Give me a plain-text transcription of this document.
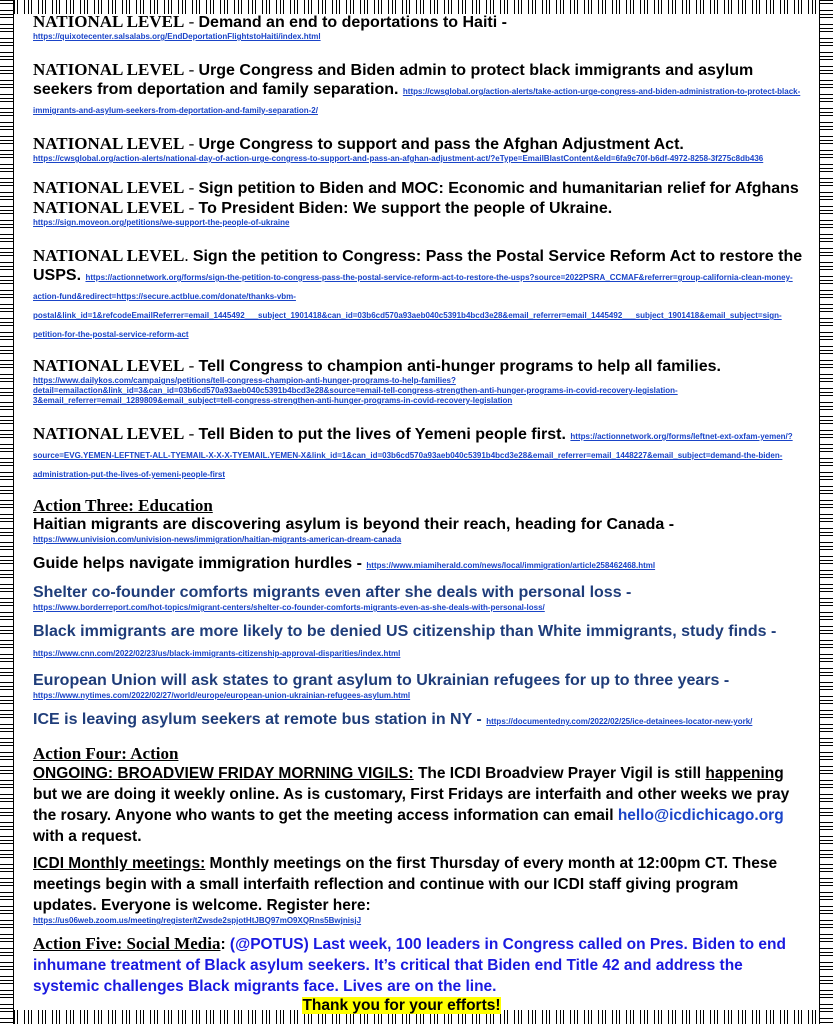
NATIONAL LEVEL - Demand an end to deportations to Haiti -
https://quixotecenter.salsalabs.org/EndDeportationFlightstoHaiti/index.html
NATIONAL LEVEL - Urge Congress and Biden admin to protect black immigrants and asylum seekers from deportation and family separation. https://cwsglobal.org/action-alerts/take-action-urge-congress-and-biden-administration-to-protect-black-immigrants-and-asylum-seekers-from-deportation-and-family-separation-2/
NATIONAL LEVEL - Urge Congress to support and pass the Afghan Adjustment Act.
https://cwsglobal.org/action-alerts/national-day-of-action-urge-congress-to-support-and-pass-an-afghan-adjustment-act/?eType=EmailBlastContent&eId=6fa9c70f-b6df-4972-8258-3f275c8db436
NATIONAL LEVEL - Sign petition to Biden and MOC: Economic and humanitarian relief for Afghans NATIONAL LEVEL - To President Biden: We support the people of Ukraine.
https://sign.moveon.org/petitions/we-support-the-people-of-ukraine
NATIONAL LEVEL. Sign the petition to Congress: Pass the Postal Service Reform Act to restore the USPS. https://actionnetwork.org/forms/sign-the-petition-to-congress-pass-the-postal-service-reform-act-to-restore-the-usps?source=2022PSRA_CCMAF&referrer=group-california-clean-money-action-fund&redirect=https://secure.actblue.com/donate/thanks-vbm-postal&link_id=1&refcodeEmailReferrer=email_1445492___subject_1901418&can_id=03b6cd570a93aeb040c5391b4bcd3e28&email_referrer=email_1445492___subject_1901418&email_subject=sign-petition-for-the-postal-service-reform-act
NATIONAL LEVEL - Tell Congress to champion anti-hunger programs to help all families.
https://www.dailykos.com/campaigns/petitions/tell-congress-champion-anti-hunger-programs-to-help-families?detail=emailaction&link_id=3&can_id=03b6cd570a93aeb040c5391b4bcd3e28&source=email-tell-congress-strengthen-anti-hunger-programs-in-covid-recovery-legislation-3&email_referrer=email_1289809&email_subject=tell-congress-strengthen-anti-hunger-programs-in-covid-recovery-legislation
NATIONAL LEVEL - Tell Biden to put the lives of Yemeni people first. https://actionnetwork.org/forms/leftnet-ext-oxfam-yemen/?source=EVG.YEMEN-LEFTNET-ALL-TYEMAIL-X-X-X-TYEMAIL.YEMEN-X&link_id=1&can_id=03b6cd570a93aeb040c5391b4bcd3e28&email_referrer=email_1448227&email_subject=demand-the-biden-administration-put-the-lives-of-yemeni-people-first
Action Three: Education
Haitian migrants are discovering asylum is beyond their reach, heading for Canada -
https://www.univision.com/univision-news/immigration/haitian-migrants-american-dream-canada
Guide helps navigate immigration hurdles - https://www.miamiherald.com/news/local/immigration/article258462468.html
Shelter co-founder comforts migrants even after she deals with personal loss -
https://www.borderreport.com/hot-topics/migrant-centers/shelter-co-founder-comforts-migrants-even-as-she-deals-with-personal-loss/
Black immigrants are more likely to be denied US citizenship than White immigrants, study finds - https://www.cnn.com/2022/02/23/us/black-immigrants-citizenship-approval-disparities/index.html
European Union will ask states to grant asylum to Ukrainian refugees for up to three years -
https://www.nytimes.com/2022/02/27/world/europe/european-union-ukrainian-refugees-asylum.html
ICE is leaving asylum seekers at remote bus station in NY - https://documentedny.com/2022/02/25/ice-detainees-locator-new-york/
Action Four: Action
ONGOING: BROADVIEW FRIDAY MORNING VIGILS: The ICDI Broadview Prayer Vigil is still happening but we are doing it weekly online. As is customary, First Fridays are interfaith and other weeks we pray the rosary. Anyone who wants to get the meeting access information can email hello@icdichicago.org with a request.
ICDI Monthly meetings: Monthly meetings on the first Thursday of every month at 12:00pm CT. These meetings begin with a small interfaith reflection and continue with our ICDI staff giving program updates. Everyone is welcome. Register here:
https://us06web.zoom.us/meeting/register/tZwsde2spjotHtJBQ97mO9XQRns5BwjnisjJ
Action Five: Social Media: (@POTUS) Last week, 100 leaders in Congress called on Pres. Biden to end inhumane treatment of Black asylum seekers. It’s critical that Biden end Title 42 and address the systemic challenges Black migrants face. Lives are on the line.
Thank you for your efforts!
